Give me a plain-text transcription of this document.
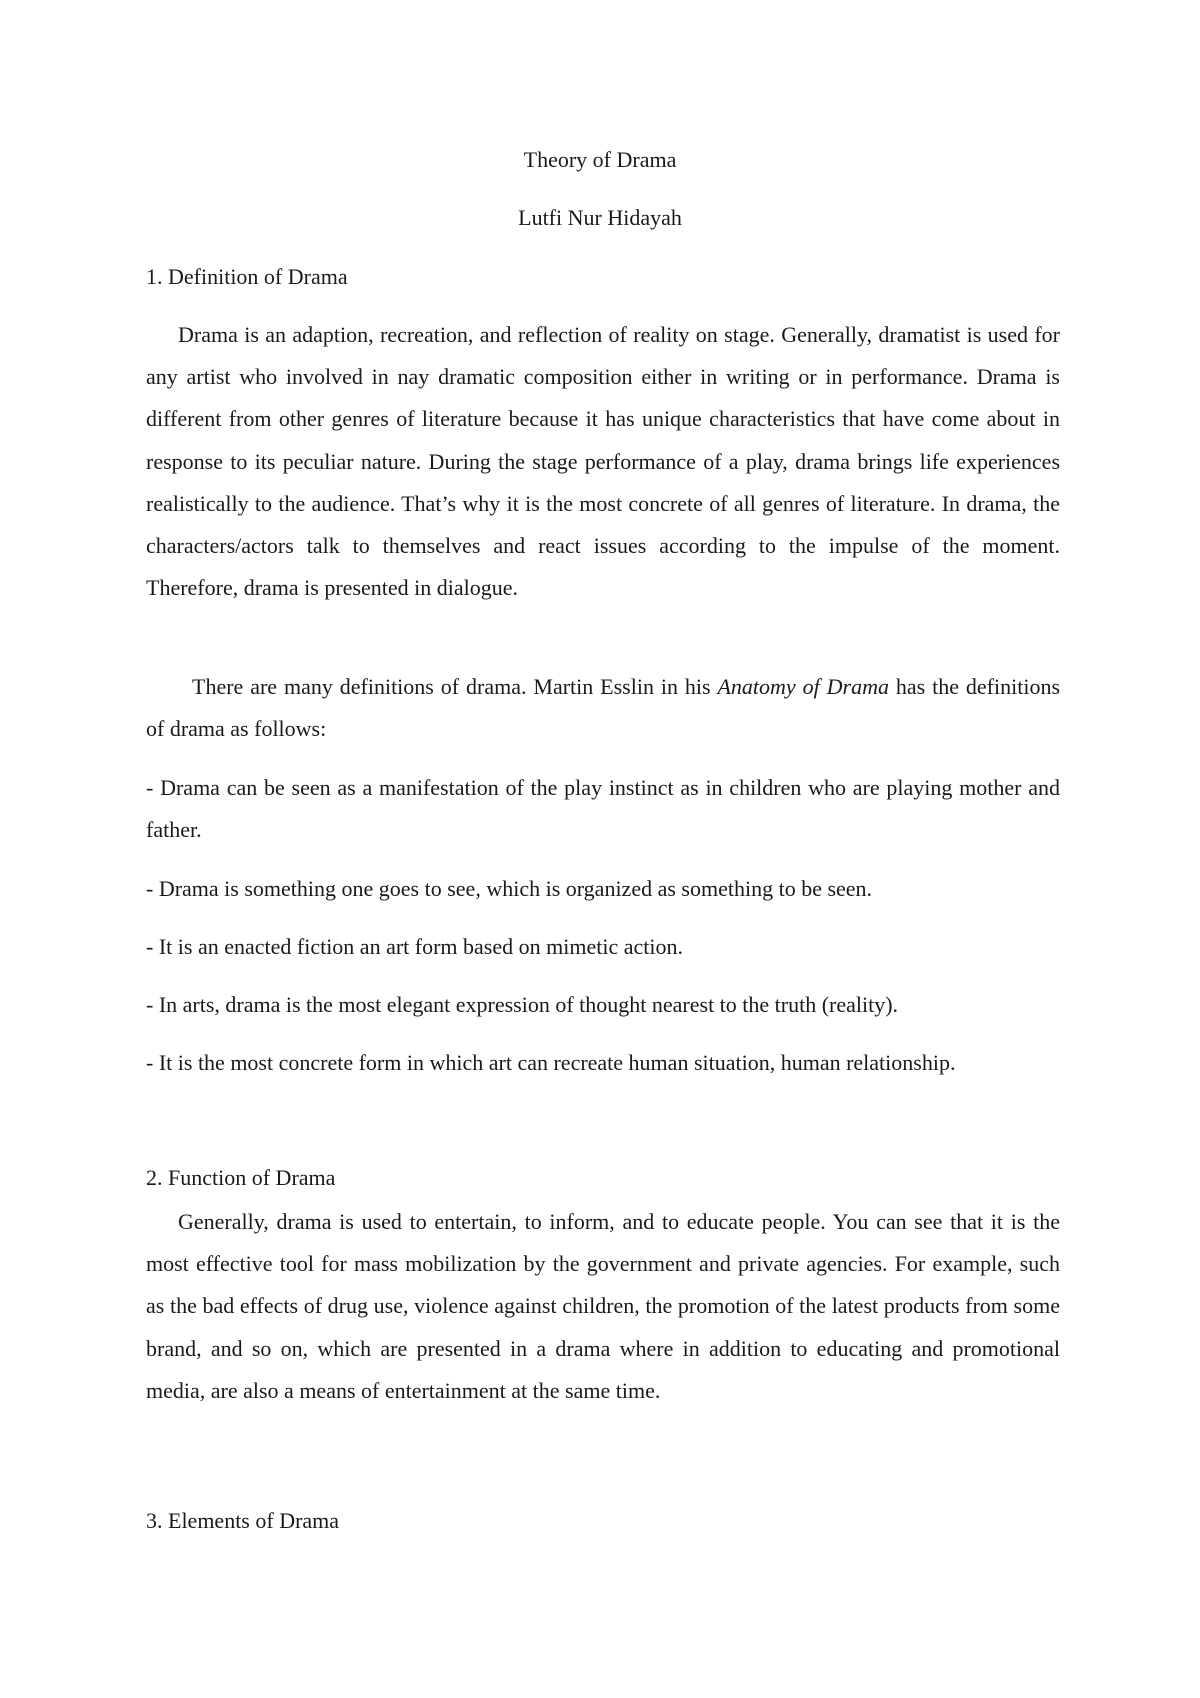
Theory of Drama

Lutfi Nur Hidayah

1. Definition of Drama

Drama is an adaption, recreation, and reflection of reality on stage. Generally, dramatist is used for any artist who involved in nay dramatic composition either in writing or in performance. Drama is different from other genres of literature because it has unique characteristics that have come about in response to its peculiar nature. During the stage performance of a play, drama brings life experiences realistically to the audience. That’s why it is the most concrete of all genres of literature. In drama, the characters/actors talk to themselves and react issues according to the impulse of the moment. Therefore, drama is presented in dialogue.

There are many definitions of drama. Martin Esslin in his Anatomy of Drama has the definitions of drama as follows:

- Drama can be seen as a manifestation of the play instinct as in children who are playing mother and father.

- Drama is something one goes to see, which is organized as something to be seen.

- It is an enacted fiction an art form based on mimetic action.

- In arts, drama is the most elegant expression of thought nearest to the truth (reality).

- It is the most concrete form in which art can recreate human situation, human relationship.

2. Function of Drama

Generally, drama is used to entertain, to inform, and to educate people. You can see that it is the most effective tool for mass mobilization by the government and private agencies. For example, such as the bad effects of drug use, violence against children, the promotion of the latest products from some brand, and so on, which are presented in a drama where in addition to educating and promotional media, are also a means of entertainment at the same time.

3. Elements of Drama
